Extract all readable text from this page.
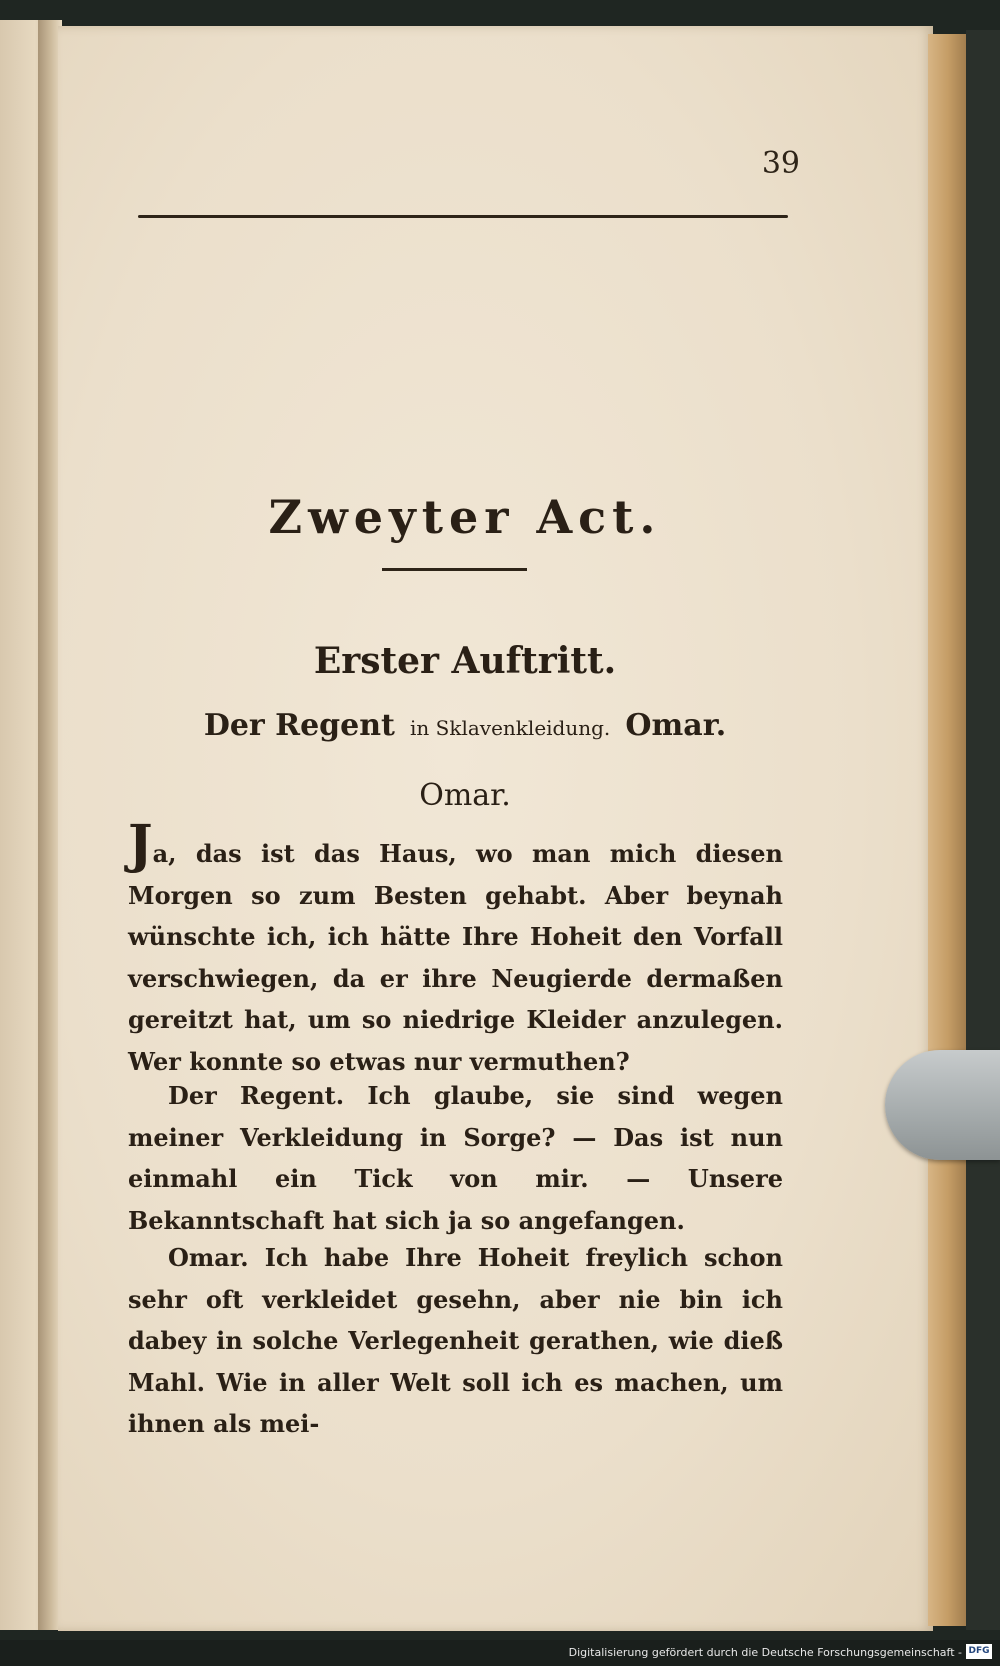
39
Zweyter Act.
Erster Auftritt.
Der Regent in Sklavenkleidung. Omar.
Omar.
Ja, das ist das Haus, wo man mich diesen Morgen so zum Besten gehabt. Aber beynah wünschte ich, ich hätte Ihre Hoheit den Vorfall verschwiegen, da er ihre Neugierde dermaßen gereitzt hat, um so niedrige Kleider anzulegen. Wer konnte so etwas nur vermuthen?
Der Regent. Ich glaube, sie sind wegen meiner Verkleidung in Sorge? — Das ist nun einmahl ein Tick von mir. — Unsere Bekanntschaft hat sich ja so angefangen.
Omar. Ich habe Ihre Hoheit freylich schon sehr oft verkleidet gesehn, aber nie bin ich dabey in solche Verlegenheit gerathen, wie dieß Mahl. Wie in aller Welt soll ich es machen, um ihnen als mei-
Digitalisierung gefördert durch die Deutsche Forschungsgemeinschaft - DFG
